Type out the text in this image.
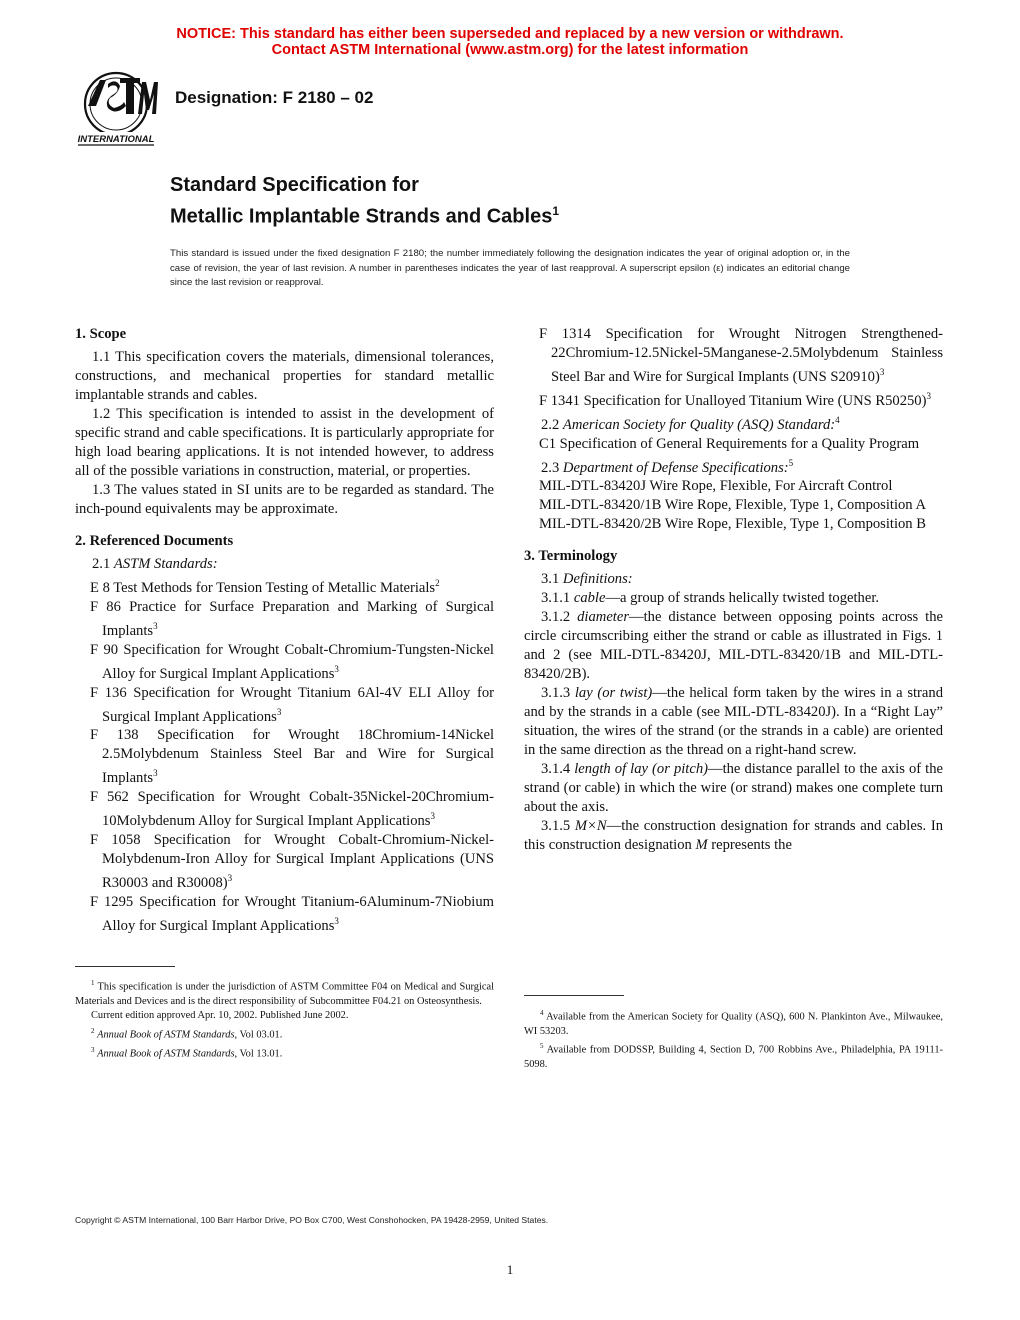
NOTICE: This standard has either been superseded and replaced by a new version or withdrawn.
Contact ASTM International (www.astm.org) for the latest information
INTERNATIONAL
Designation: F 2180 – 02
Standard Specification for
Metallic Implantable Strands and Cables$^1$
This standard is issued under the fixed designation F 2180; the number immediately following the designation indicates the year of original adoption or, in the case of revision, the year of last revision. A number in parentheses indicates the year of last reapproval. A superscript epsilon (ε) indicates an editorial change since the last revision or reapproval.
1. Scope

1.1 This specification covers the materials, dimensional tolerances, constructions, and mechanical properties for standard metallic implantable strands and cables.

1.2 This specification is intended to assist in the development of specific strand and cable specifications. It is particularly appropriate for high load bearing applications. It is not intended however, to address all of the possible variations in construction, material, or properties.

1.3 The values stated in SI units are to be regarded as standard. The inch-pound equivalents may be approximate.

2. Referenced Documents

2.1 ASTM Standards:

E 8 Test Methods for Tension Testing of Metallic Materials$^2$

F 86 Practice for Surface Preparation and Marking of Surgical Implants$^3$

F 90 Specification for Wrought Cobalt-Chromium-Tungsten-Nickel Alloy for Surgical Implant Applications$^3$

F 136 Specification for Wrought Titanium 6Al-4V ELI Alloy for Surgical Implant Applications$^3$

F 138 Specification for Wrought 18Chromium-14Nickel 2.5Molybdenum Stainless Steel Bar and Wire for Surgical Implants$^3$

F 562 Specification for Wrought Cobalt-35Nickel-20Chromium-10Molybdenum Alloy for Surgical Implant Applications$^3$

F 1058 Specification for Wrought Cobalt-Chromium-Nickel-Molybdenum-Iron Alloy for Surgical Implant Applications (UNS R30003 and R30008)$^3$

F 1295 Specification for Wrought Titanium-6Aluminum-7Niobium Alloy for Surgical Implant Applications$^3$

F 1314 Specification for Wrought Nitrogen Strengthened-22Chromium-12.5Nickel-5Manganese-2.5Molybdenum Stainless Steel Bar and Wire for Surgical Implants (UNS S20910)$^3$

F 1341 Specification for Unalloyed Titanium Wire (UNS R50250)$^3$

2.2 American Society for Quality (ASQ) Standard:$^4$

C1 Specification of General Requirements for a Quality Program

2.3 Department of Defense Specifications:$^5$

MIL-DTL-83420J Wire Rope, Flexible, For Aircraft Control

MIL-DTL-83420/1B Wire Rope, Flexible, Type 1, Composition A

MIL-DTL-83420/2B Wire Rope, Flexible, Type 1, Composition B

3. Terminology

3.1 Definitions:

3.1.1 cable—a group of strands helically twisted together.

3.1.2 diameter—the distance between opposing points across the circle circumscribing either the strand or cable as illustrated in Figs. 1 and 2 (see MIL-DTL-83420J, MIL-DTL-83420/1B and MIL-DTL-83420/2B).

3.1.3 lay (or twist)—the helical form taken by the wires in a strand and by the strands in a cable (see MIL-DTL-83420J). In a “Right Lay” situation, the wires of the strand (or the strands in a cable) are oriented in the same direction as the thread on a right-hand screw.

3.1.4 length of lay (or pitch)—the distance parallel to the axis of the strand (or cable) in which the wire (or strand) makes one complete turn about the axis.

3.1.5 M×N—the construction designation for strands and cables. In this construction designation M represents the

$^1$ This specification is under the jurisdiction of ASTM Committee F04 on Medical and Surgical Materials and Devices and is the direct responsibility of Subcommittee F04.21 on Osteosynthesis.

Current edition approved Apr. 10, 2002. Published June 2002.

$^2$ Annual Book of ASTM Standards, Vol 03.01.

$^3$ Annual Book of ASTM Standards, Vol 13.01.

$^4$ Available from the American Society for Quality (ASQ), 600 N. Plankinton Ave., Milwaukee, WI 53203.

$^5$ Available from DODSSP, Building 4, Section D, 700 Robbins Ave., Philadelphia, PA 19111-5098.

Copyright © ASTM International, 100 Barr Harbor Drive, PO Box C700, West Conshohocken, PA 19428-2959, United States.
1
